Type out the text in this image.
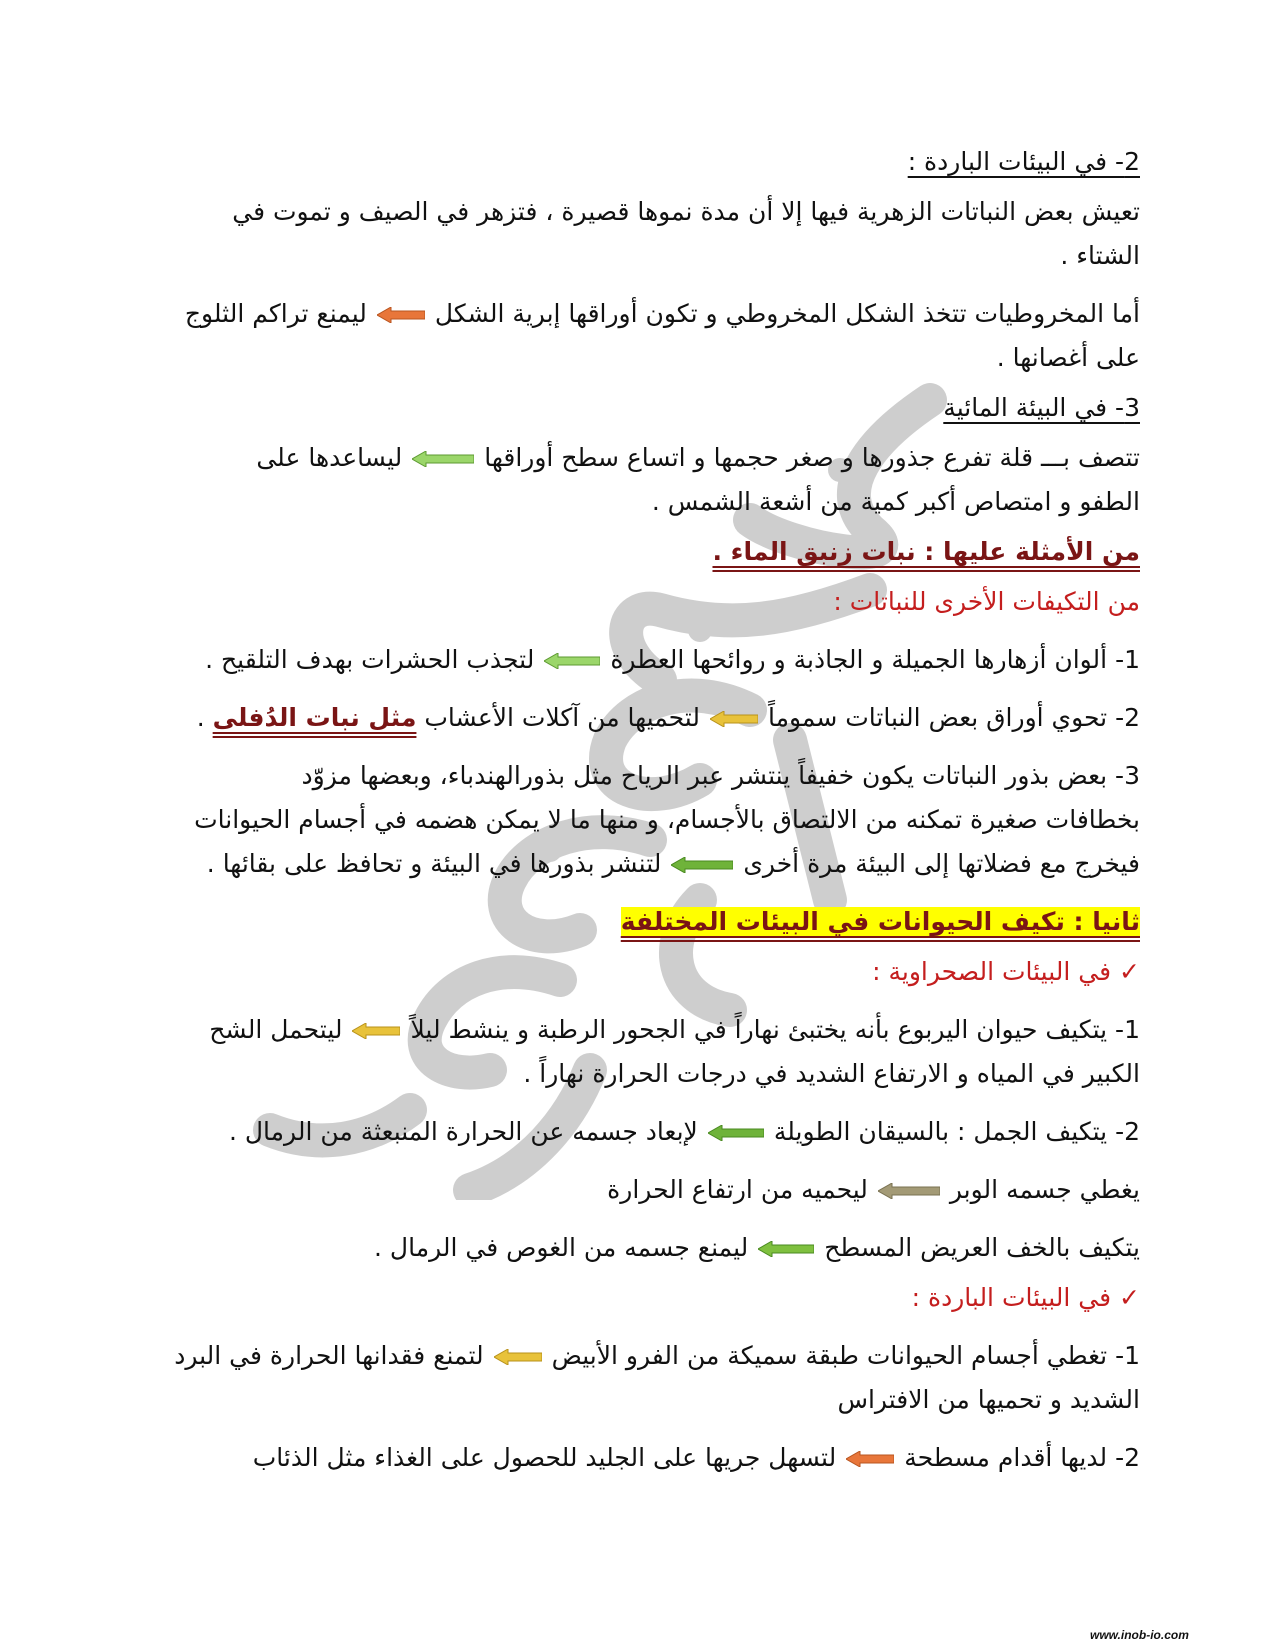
2- في البيئات الباردة :
تعيش بعض النباتات الزهرية فيها إلا أن مدة نموها قصيرة ، فتزهر في الصيف و تموت في
الشتاء .
أما المخروطيات تتخذ الشكل المخروطي و تكون أوراقها إبرية الشكل
ليمنع تراكم الثلوج
على أغصانها .
3- في البيئة المائية
تتصف بـــ قلة تفرع جذورها و صغر حجمها و اتساع سطح أوراقها
ليساعدها على
الطفو و امتصاص أكبر كمية من أشعة الشمس .
من الأمثلة عليها : نبات زنبق الماء .
من التكيفات الأخرى للنباتات :
1- ألوان أزهارها الجميلة و الجاذبة و روائحها العطرة
لتجذب الحشرات بهدف التلقيح .
2- تحوي أوراق بعض النباتات سموماً
لتحميها من آكلات الأعشاب مثل نبات الدُفلى .
3- بعض بذور النباتات يكون خفيفاً ينتشر عبر الرياح مثل بذورالهندباء، وبعضها مزوّد
بخطافات صغيرة تمكنه من الالتصاق بالأجسام، و منها ما لا يمكن هضمه في أجسام الحيوانات
فيخرج مع فضلاتها إلى البيئة مرة أخرى
لتنشر بذورها في البيئة و تحافظ على بقائها .
ثانيا : تكيف الحيوانات في البيئات المختلفة
✓في البيئات الصحراوية :
1- يتكيف حيوان اليربوع بأنه يختبئ نهاراً في الجحور الرطبة و ينشط ليلاً
ليتحمل الشح
الكبير في المياه و الارتفاع الشديد في درجات الحرارة نهاراً .
2- يتكيف الجمل : بالسيقان الطويلة
لإبعاد جسمه عن الحرارة المنبعثة من الرمال .
يغطي جسمه الوبر
ليحميه من ارتفاع الحرارة
يتكيف بالخف العريض المسطح
ليمنع جسمه من الغوص في الرمال .
✓في البيئات الباردة :
1- تغطي أجسام الحيوانات طبقة سميكة من الفرو الأبيض
لتمنع فقدانها الحرارة في البرد
الشديد و تحميها من الافتراس
2- لديها أقدام مسطحة
لتسهل جريها على الجليد للحصول على الغذاء مثل الذئاب
www.inob-io.com
